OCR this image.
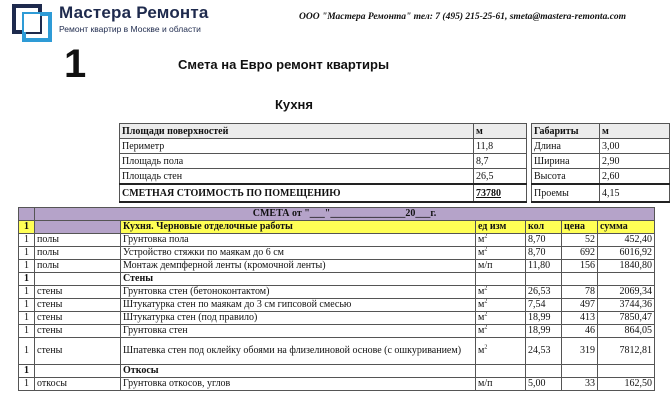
Мастера Ремонта
Ремонт квартир в Москве и области
ООО "Мастера Ремонта" тел: 7 (495) 215-25-61, smeta@mastera-remonta.com
1	Смета на Евро ремонт квартиры
Кухня
Площади поверхностей	м		Габариты	м
Периметр	11,8		Длина	3,00
Площадь пола	8,7		Ширина	2,90
Площадь стен	26,5		Высота	2,60
СМЕТНАЯ СТОИМОСТЬ ПО ПОМЕЩЕНИЮ	73780		Проемы	4,15
	СМЕТА от "___"_______________20___г.					
1		Кухня. Черновые отделочные работы	ед изм	кол	цена	сумма
1	полы	Грунтовка пола	$м^2$	8,70	52	452,40
1	полы	Устройство стяжки по маякам до 6 см	$м^2$	8,70	692	6016,92
1	полы	Монтаж демпферной ленты (кромочной ленты)	м/п	11,80	156	1840,80
1		Стены				
1	стены	Грунтовка стен (бетоноконтактом)	$м^2$	26,53	78	2069,34
1	стены	Штукатурка стен по маякам до 3 см гипсовой смесью	$м^2$	7,54	497	3744,36
1	стены	Штукатурка стен (под правило)	$м^2$	18,99	413	7850,47
1	стены	Грунтовка стен	$м^2$	18,99	46	864,05
1	стены	Шпатевка стен под оклейку обоями на флизелиновой основе (с ошкуриванием)	$м^2$	24,53	319	7812,81
1		Откосы				
1	откосы	Грунтовка откосов, углов	м/п	5,00	33	162,50
